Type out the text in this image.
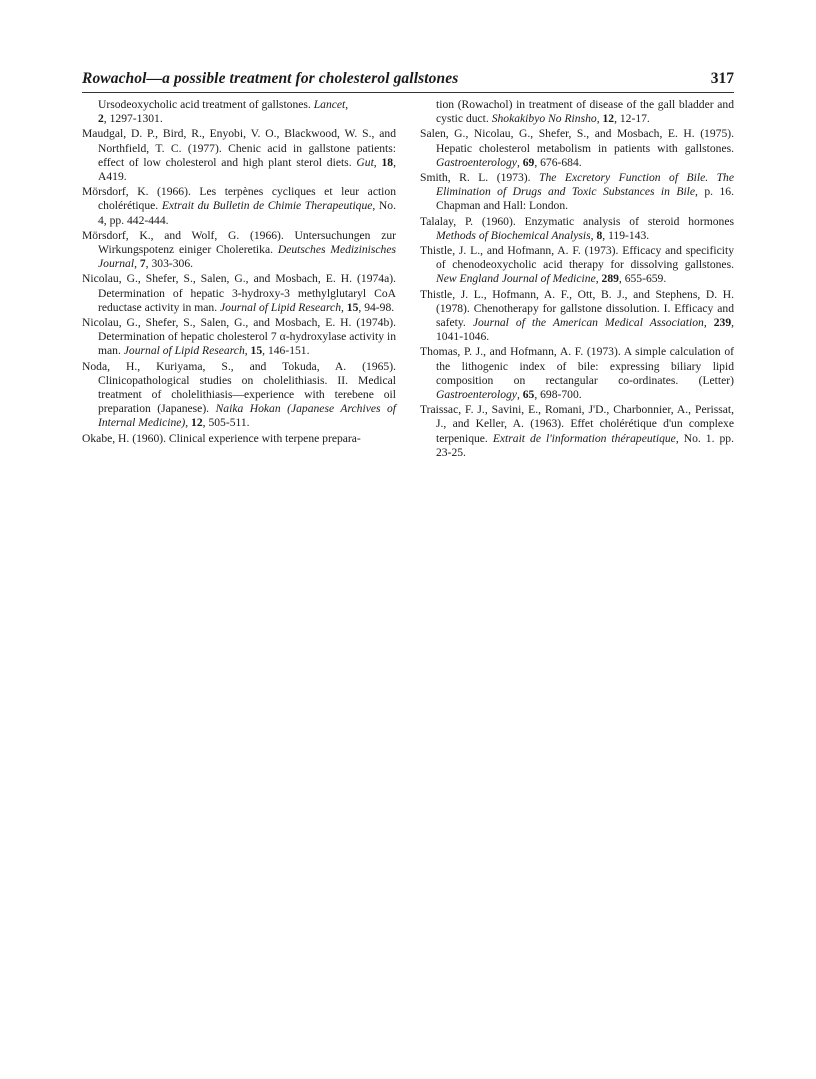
Rowachol—a possible treatment for cholesterol gallstones	317

Ursodeoxycholic acid treatment of gallstones. Lancet,
2, 1297-1301.

Maudgal, D. P., Bird, R., Enyobi, V. O., Blackwood, W. S., and Northfield, T. C. (1977). Chenic acid in gallstone patients: effect of low cholesterol and high plant sterol diets. Gut, 18, A419.

Mörsdorf, K. (1966). Les terpènes cycliques et leur action cholérétique. Extrait du Bulletin de Chimie Therapeutique, No. 4, pp. 442-444.

Mörsdorf, K., and Wolf, G. (1966). Untersuchungen zur Wirkungspotenz einiger Choleretika. Deutsches Medizinisches Journal, 7, 303-306.

Nicolau, G., Shefer, S., Salen, G., and Mosbach, E. H. (1974a). Determination of hepatic 3-hydroxy-3 methylglutaryl CoA reductase activity in man. Journal of Lipid Research, 15, 94-98.

Nicolau, G., Shefer, S., Salen, G., and Mosbach, E. H. (1974b). Determination of hepatic cholesterol 7 α-hydroxylase activity in man. Journal of Lipid Research, 15, 146-151.

Noda, H., Kuriyama, S., and Tokuda, A. (1965). Clinicopathological studies on cholelithiasis. II. Medical treatment of cholelithiasis—experience with terebene oil preparation (Japanese). Naika Hokan (Japanese Archives of Internal Medicine), 12, 505-511.

Okabe, H. (1960). Clinical experience with terpene prepara-

tion (Rowachol) in treatment of disease of the gall bladder and cystic duct. Shokakibyo No Rinsho, 12, 12-17.

Salen, G., Nicolau, G., Shefer, S., and Mosbach, E. H. (1975). Hepatic cholesterol metabolism in patients with gallstones. Gastroenterology, 69, 676-684.

Smith, R. L. (1973). The Excretory Function of Bile. The Elimination of Drugs and Toxic Substances in Bile, p. 16. Chapman and Hall: London.

Talalay, P. (1960). Enzymatic analysis of steroid hormones Methods of Biochemical Analysis, 8, 119-143.

Thistle, J. L., and Hofmann, A. F. (1973). Efficacy and specificity of chenodeoxycholic acid therapy for dissolving gallstones. New England Journal of Medicine, 289, 655-659.

Thistle, J. L., Hofmann, A. F., Ott, B. J., and Stephens, D. H. (1978). Chenotherapy for gallstone dissolution. I. Efficacy and safety. Journal of the American Medical Association, 239, 1041-1046.

Thomas, P. J., and Hofmann, A. F. (1973). A simple calculation of the lithogenic index of bile: expressing biliary lipid composition on rectangular co-ordinates. (Letter) Gastroenterology, 65, 698-700.

Traissac, F. J., Savini, E., Romani, J'D., Charbonnier, A., Perissat, J., and Keller, A. (1963). Effet cholérétique d'un complexe terpenique. Extrait de l'information thérapeutique, No. 1. pp. 23-25.
